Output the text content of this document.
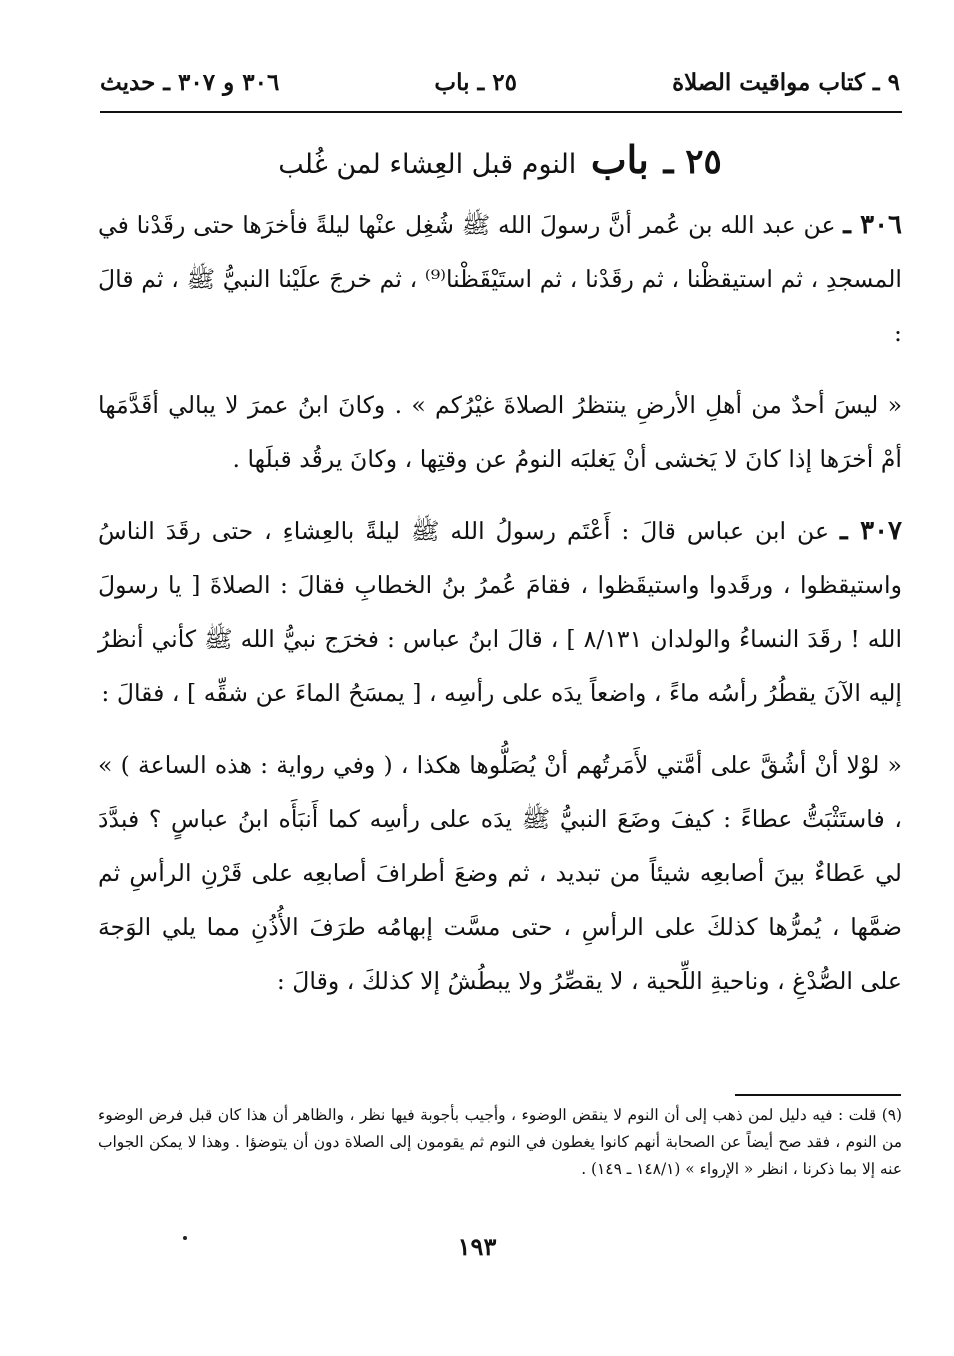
٩ ـ كتاب مواقيت الصلاة
٢٥ ـ باب
٣٠٦ و ٣٠٧ ـ حديث
٢٥ ـ باب النوم قبل العِشاء لمن غُلب

٣٠٦ ـ عن عبد الله بن عُمر أنَّ رسولَ الله ﷺ شُغِل عنْها ليلةً فأخرَها حتى رقَدْنا في المسجدِ ، ثم استيقظْنا ، ثم رقَدْنا ، ثم استَيْقَظْنا⁽⁹⁾ ، ثم خرجَ علَيْنا النبيُّ ﷺ ، ثم قالَ :

« ليسَ أحدٌ من أهلِ الأرضِ ينتظرُ الصلاةَ غيْرُكم » . وكانَ ابنُ عمرَ لا يبالي أقَدَّمَها أمْ أخرَها إذا كانَ لا يَخشى أنْ يَغلبَه النومُ عن وقتِها ، وكانَ يرقُد قبلَها .

٣٠٧ ـ عن ابن عباس قالَ : أَعْتَم رسولُ الله ﷺ ليلةً بالعِشاءِ ، حتى رقَدَ الناسُ واستيقظوا ، ورقَدوا واستيقَظوا ، فقامَ عُمرُ بنُ الخطابِ فقالَ : الصلاةَ [ يا رسولَ الله ! رقَدَ النساءُ والولدان ٨/١٣١ ] ، قالَ ابنُ عباس : فخرَج نبيُّ الله ﷺ كأني أنظرُ إليه الآنَ يقطُرُ رأسُه ماءً ، واضعاً يدَه على رأسِه ، [ يمسَحُ الماءَ عن شقِّه ] ، فقالَ :

« لوْلا أنْ أشُقَّ على أمَّتي لأَمَرتُهم أنْ يُصَلُّوها هكذا ، ( وفي رواية : هذه الساعة ) » ، فاستَثْبَتُّ عطاءً : كيفَ وضَعَ النبيُّ ﷺ يدَه على رأسِه كما أَنبَأَه ابنُ عباسٍ ؟ فبدَّدَ لي عَطاءٌ بينَ أصابعِه شيئاً من تبديد ، ثم وضعَ أطرافَ أصابعِه على قَرْنِ الرأسِ ثم ضمَّها ، يُمرُّها كذلكَ على الرأسِ ، حتى مسَّت إبهامُه طرَفَ الأُذُنِ مما يلي الوَجهَ على الصُّدْغِ ، وناحيةِ اللِّحية ، لا يقصِّرُ ولا يبطُشُ إلا كذلكَ ، وقالَ :

(٩) قلت : فيه دليل لمن ذهب إلى أن النوم لا ينقض الوضوء ، وأجيب بأجوبة فيها نظر ، والظاهر أن هذا كان قبل فرض الوضوء من النوم ، فقد صح أيضاً عن الصحابة أنهم كانوا يغطون في النوم ثم يقومون إلى الصلاة دون أن يتوضؤا . وهذا لا يمكن الجواب عنه إلا بما ذكرنا ، انظر « الإرواء » (١٤٨/١ ـ ١٤٩) .
١٩٣
